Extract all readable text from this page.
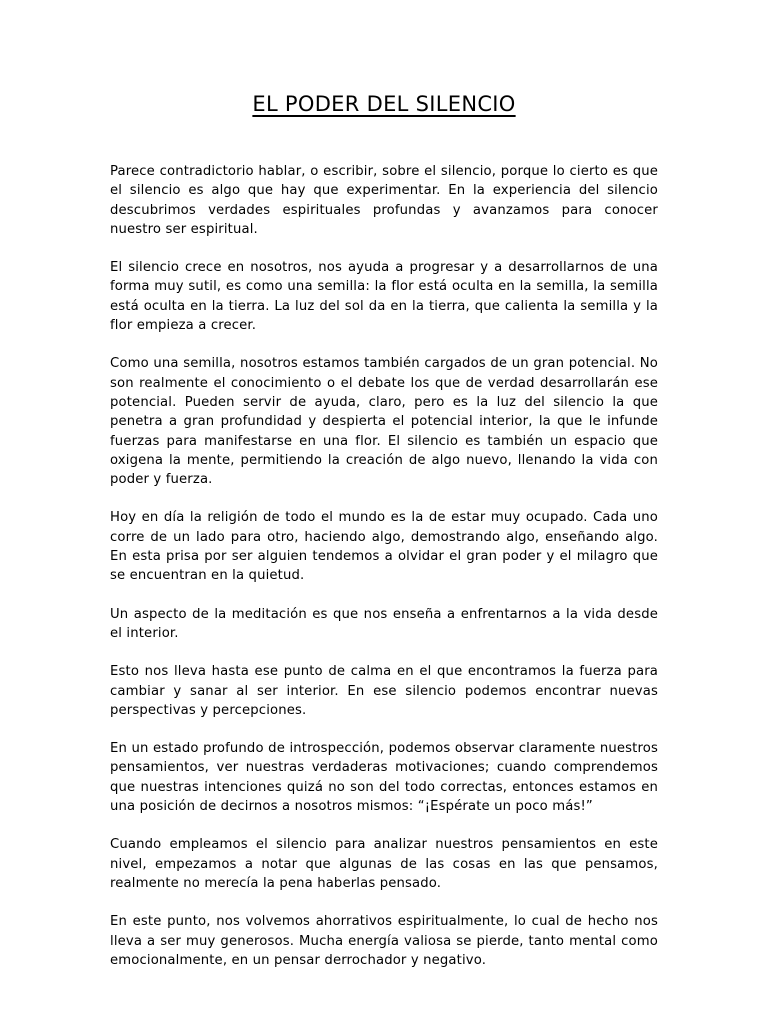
EL PODER DEL SILENCIO

Parece contradictorio hablar, o escribir, sobre el silencio, porque lo cierto es que el silencio es algo que hay que experimentar. En la experiencia del silencio descubrimos verdades espirituales profundas y avanzamos para conocer nuestro ser espiritual.

El silencio crece en nosotros, nos ayuda a progresar y a desarrollarnos de una forma muy sutil, es como una semilla: la flor está oculta en la semilla, la semilla está oculta en la tierra. La luz del sol da en la tierra, que calienta la semilla y la flor empieza a crecer.

Como una semilla, nosotros estamos también cargados de un gran potencial. No son realmente el conocimiento o el debate los que de verdad desarrollarán ese potencial. Pueden servir de ayuda, claro, pero es la luz del silencio la que penetra a gran profundidad y despierta el potencial interior, la que le infunde fuerzas para manifestarse en una flor. El silencio es también un espacio que oxigena la mente, permitiendo la creación de algo nuevo, llenando la vida con poder y fuerza.

Hoy en día la religión de todo el mundo es la de estar muy ocupado. Cada uno corre de un lado para otro, haciendo algo, demostrando algo, enseñando algo. En esta prisa por ser alguien tendemos a olvidar el gran poder y el milagro que se encuentran en la quietud.

Un aspecto de la meditación es que nos enseña a enfrentarnos a la vida desde el interior.

Esto nos lleva hasta ese punto de calma en el que encontramos la fuerza para cambiar y sanar al ser interior. En ese silencio podemos encontrar nuevas perspectivas y percepciones.

En un estado profundo de introspección, podemos observar claramente nuestros pensamientos, ver nuestras verdaderas motivaciones; cuando comprendemos que nuestras intenciones quizá no son del todo correctas, entonces estamos en una posición de decirnos a nosotros mismos: “¡Espérate un poco más!”

Cuando empleamos el silencio para analizar nuestros pensamientos en este nivel, empezamos a notar que algunas de las cosas en las que pensamos, realmente no merecía la pena haberlas pensado.

En este punto, nos volvemos ahorrativos espiritualmente, lo cual de hecho nos lleva a ser muy generosos. Mucha energía valiosa se pierde, tanto mental como emocionalmente, en un pensar derrochador y negativo.
